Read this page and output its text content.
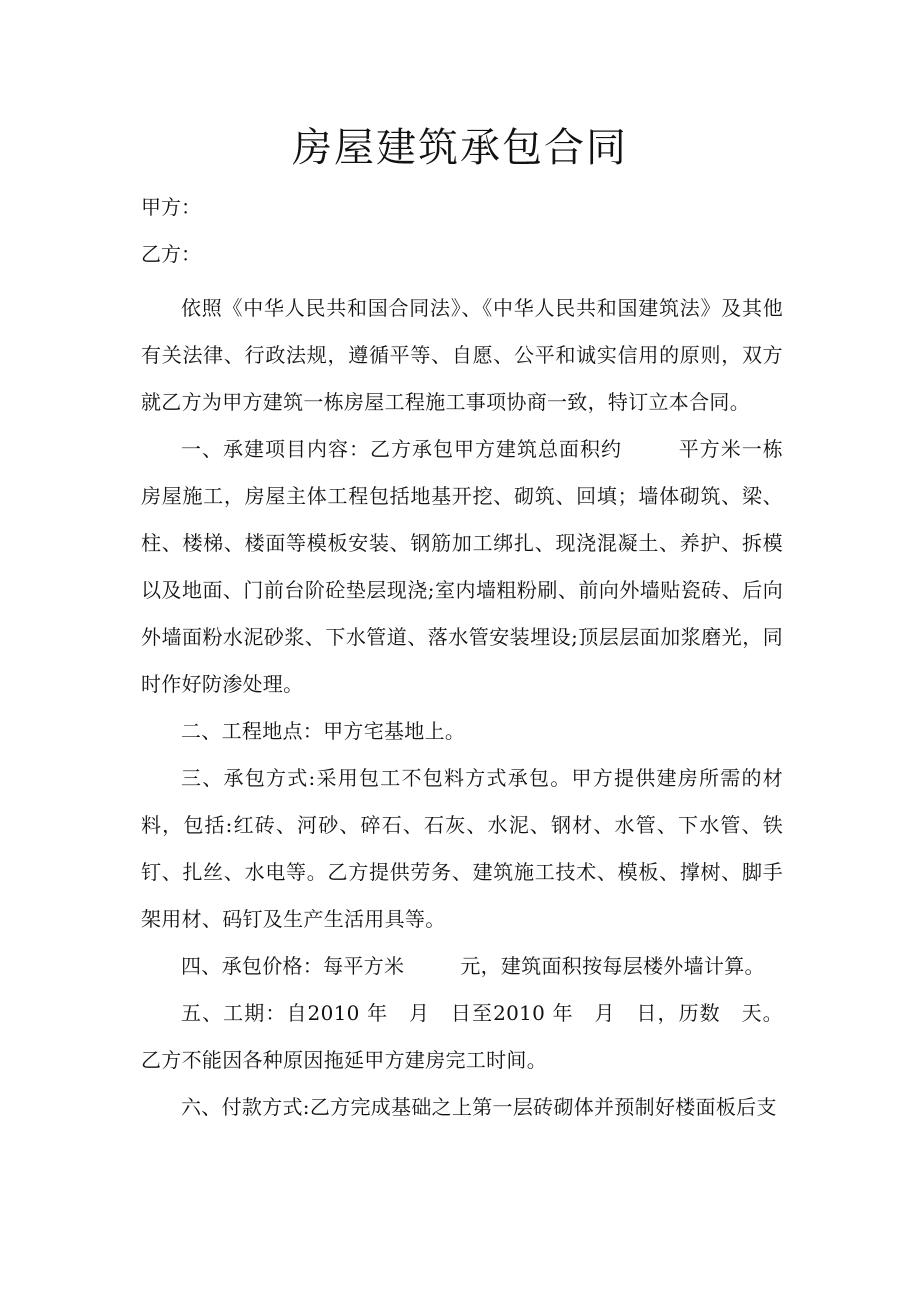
房屋建筑承包合同
甲方：
乙方：

依照《中华人民共和国合同法》、《中华人民共和国建筑法》及其他有关法律、行政法规，遵循平等、自愿、公平和诚实信用的原则，双方就乙方为甲方建筑一栋房屋工程施工事项协商一致，特订立本合同。

一、承建项目内容：乙方承包甲方建筑总面积约	平方米一栋房屋施工，房屋主体工程包括地基开挖、砌筑、回填；墙体砌筑、梁、柱、楼梯、楼面等模板安装、钢筋加工绑扎、现浇混凝土、养护、拆模以及地面、门前台阶砼垫层现浇;室内墙粗粉刷、前向外墙贴瓷砖、后向外墙面粉水泥砂浆、下水管道、落水管安装埋设;顶层层面加浆磨光，同时作好防渗处理。

二、工程地点：甲方宅基地上。

三、承包方式:采用包工不包料方式承包。甲方提供建房所需的材料，包括:红砖、河砂、碎石、石灰、水泥、钢材、水管、下水管、铁钉、扎丝、水电等。乙方提供劳务、建筑施工技术、模板、撑树、脚手架用材、码钉及生产生活用具等。

四、承包价格：每平方米	元，建筑面积按每层楼外墙计算。

五、工期：自2010 年 月 日至2010 年 月 日，历数 天。乙方不能因各种原因拖延甲方建房完工时间。

六、付款方式:乙方完成基础之上第一层砖砌体并预制好楼面板后支
